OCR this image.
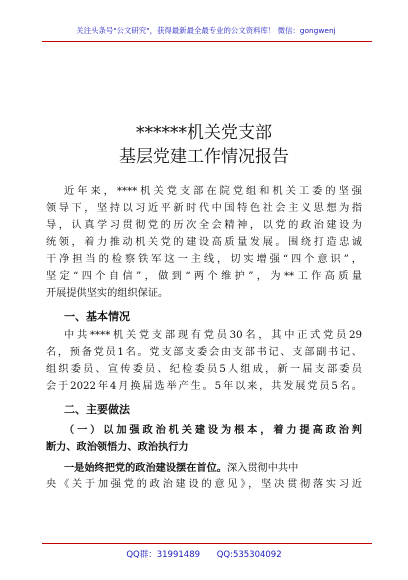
关注头条号"公文研究"，获得最新最全最专业的公文资料库！ 微信：gongwenj
******机关党支部
基层党建工作情况报告
近年来，****机关党支部在院党组和机关工委的坚强
领导下，坚持以习近平新时代中国特色社会主义思想为指
导，认真学习贯彻党的历次全会精神，以党的政治建设为
统领，着力推动机关党的建设高质量发展。围绕打造忠诚
干净担当的检察铁军这一主线，切实增强“四个意识”，
坚定“四个自信”，做到“两个维护”，为**工作高质量
开展提供坚实的组织保证。
一、基本情况
中共****机关党支部现有党员30名，其中正式党员29
名，预备党员1名。党支部支委会由支部书记、支部副书记、
组织委员、宣传委员、纪检委员5人组成，新一届支部委员
会于2022年4月换届选举产生。5年以来，共发展党员5名。
二、主要做法
（一）以加强政治机关建设为根本，着力提高政治判
断力、政治领悟力、政治执行力
一是始终把党的政治建设摆在首位。深入贯彻中共中
央《关于加强党的政治建设的意见》，坚决贯彻落实习近
QQ群：31991489 QQ:535304092
